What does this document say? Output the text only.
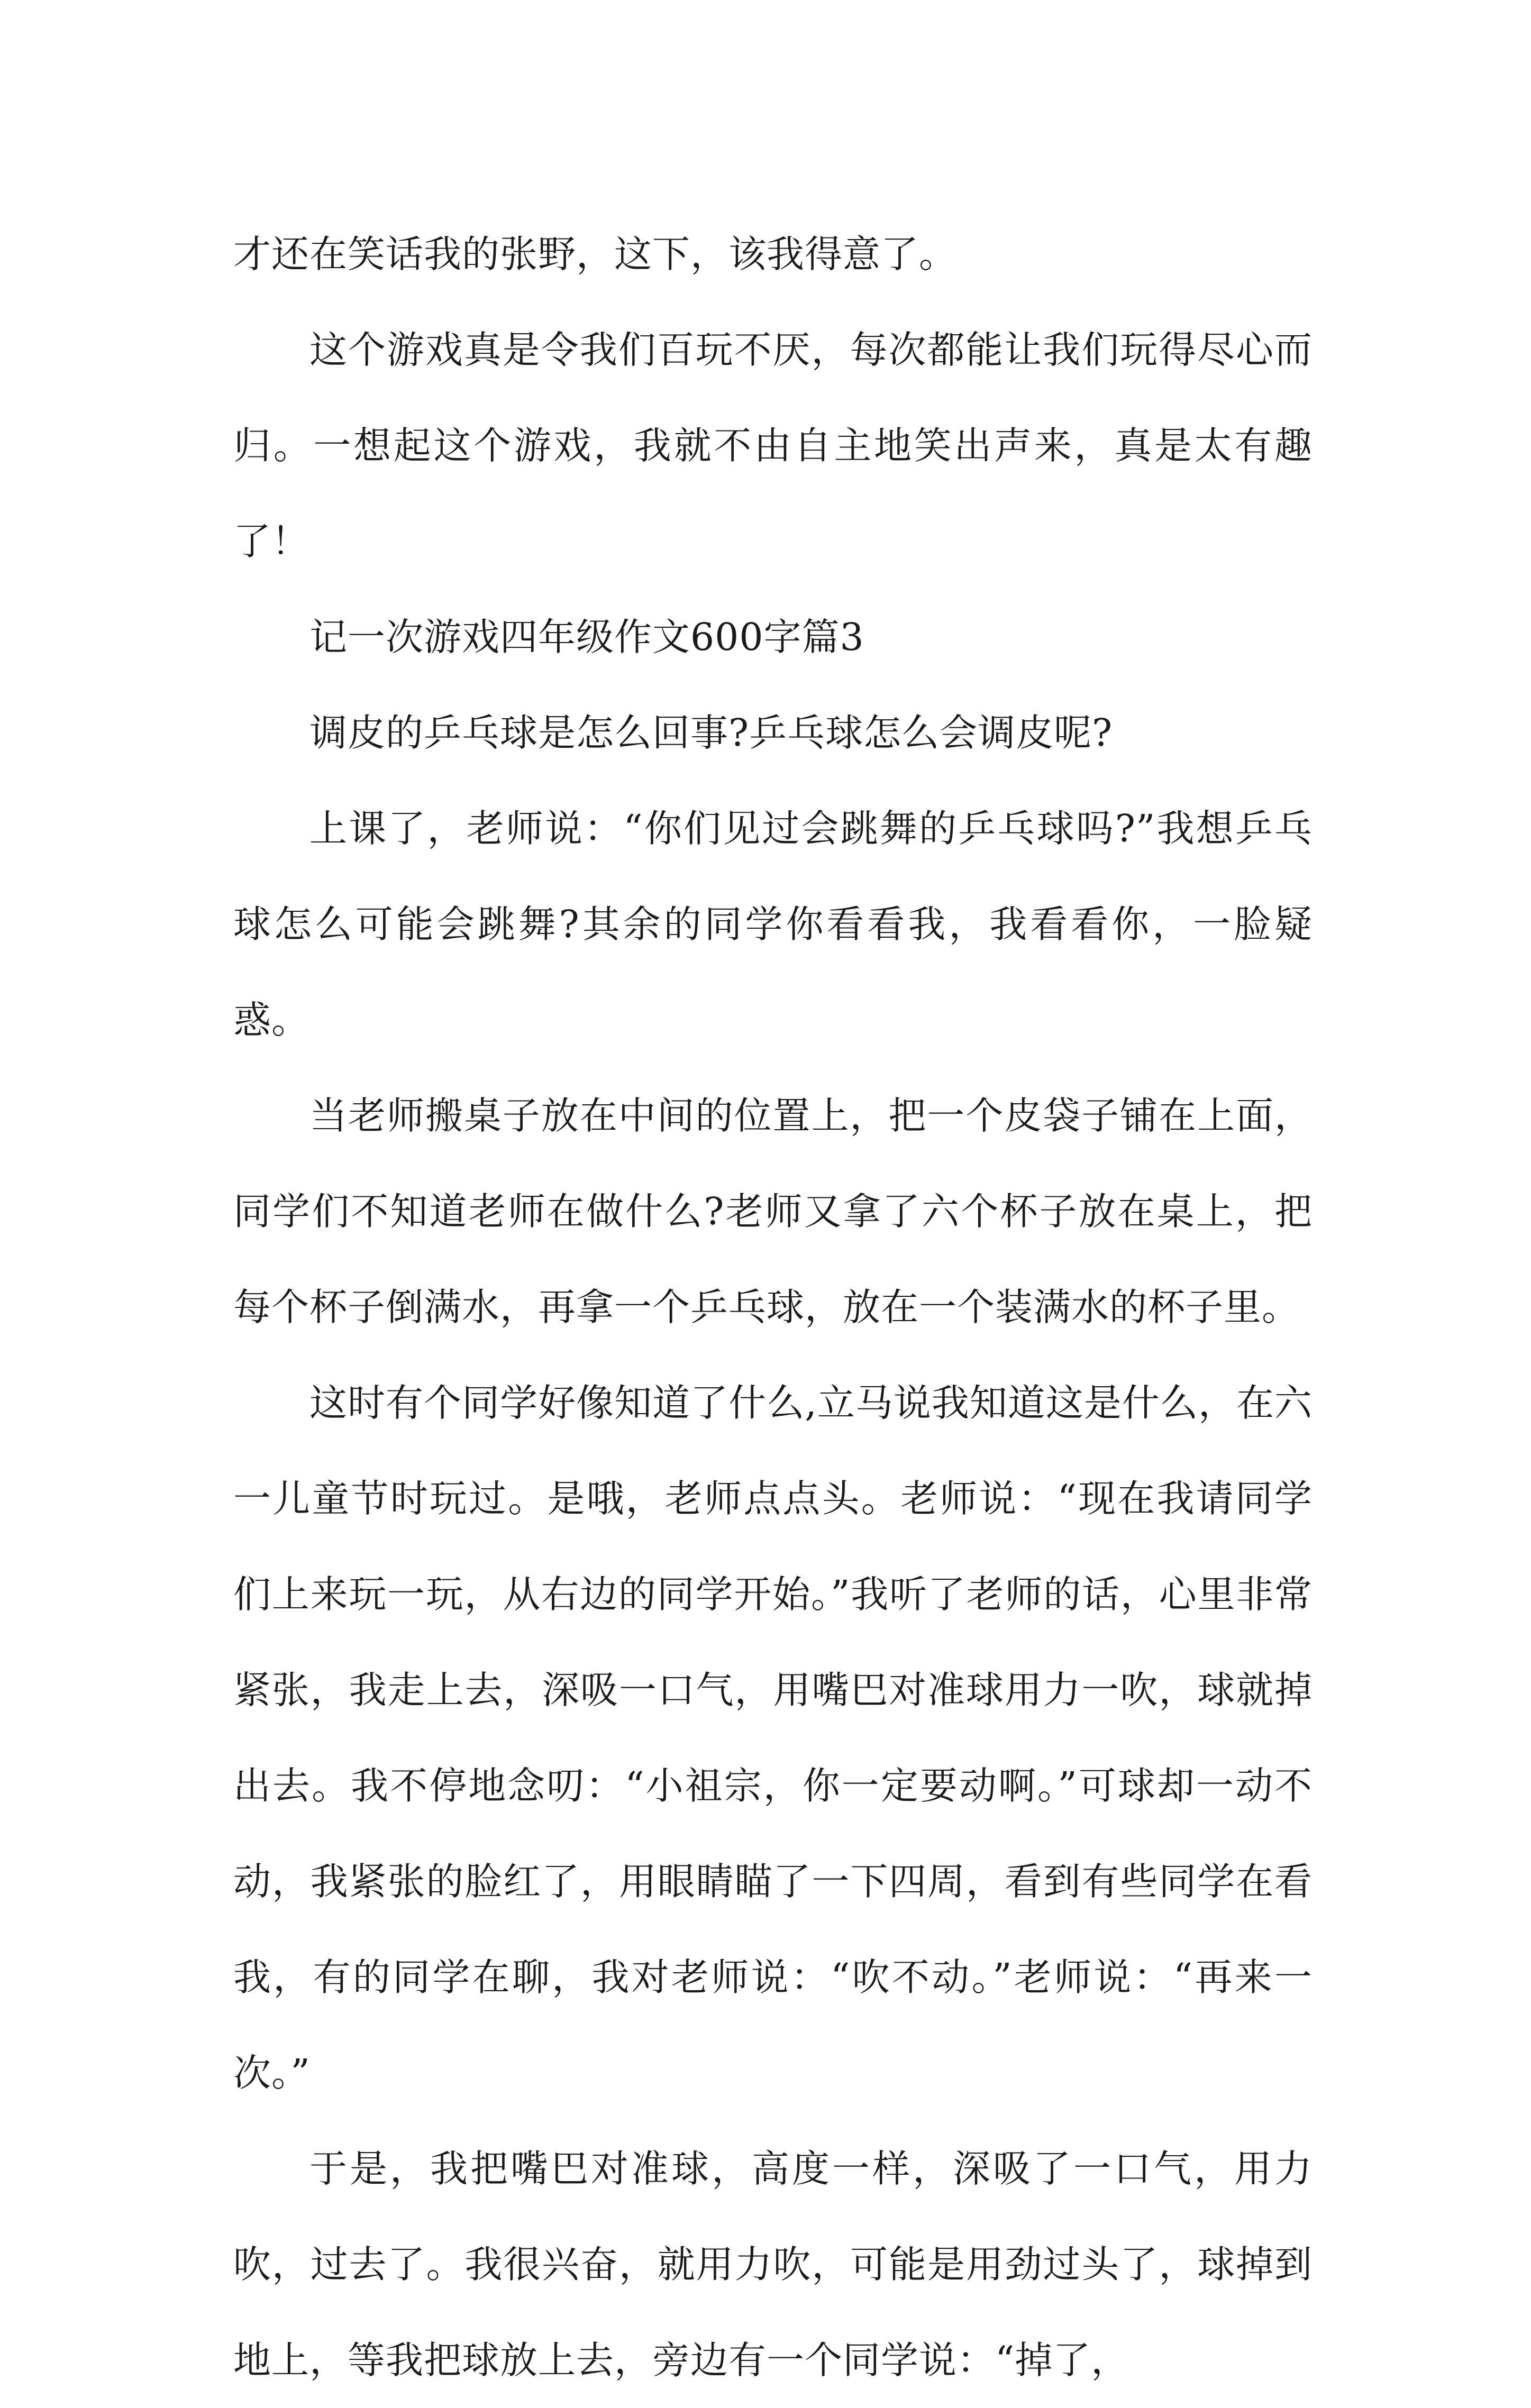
才还在笑话我的张野，这下，该我得意了。

这个游戏真是令我们百玩不厌，每次都能让我们玩得尽心而归。一想起这个游戏，我就不由自主地笑出声来，真是太有趣了！

记一次游戏四年级作文600字篇3

调皮的乒乓球是怎么回事?乒乓球怎么会调皮呢?

上课了，老师说：“你们见过会跳舞的乒乓球吗?”我想乒乓球怎么可能会跳舞?其余的同学你看看我，我看看你，一脸疑惑。

当老师搬桌子放在中间的位置上，把一个皮袋子铺在上面，同学们不知道老师在做什么?老师又拿了六个杯子放在桌上，把每个杯子倒满水，再拿一个乒乓球，放在一个装满水的杯子里。

这时有个同学好像知道了什么,立马说我知道这是什么，在六一儿童节时玩过。是哦，老师点点头。老师说：“现在我请同学们上来玩一玩，从右边的同学开始。”我听了老师的话，心里非常紧张，我走上去，深吸一口气，用嘴巴对准球用力一吹，球就掉出去。我不停地念叨：“小祖宗，你一定要动啊。”可球却一动不动，我紧张的脸红了，用眼睛瞄了一下四周，看到有些同学在看我，有的同学在聊，我对老师说：“吹不动。”老师说：“再来一次。”

于是，我把嘴巴对准球，高度一样，深吸了一口气，用力吹，过去了。我很兴奋，就用力吹，可能是用劲过头了，球掉到地上，等我把球放上去，旁边有一个同学说：“掉了，
